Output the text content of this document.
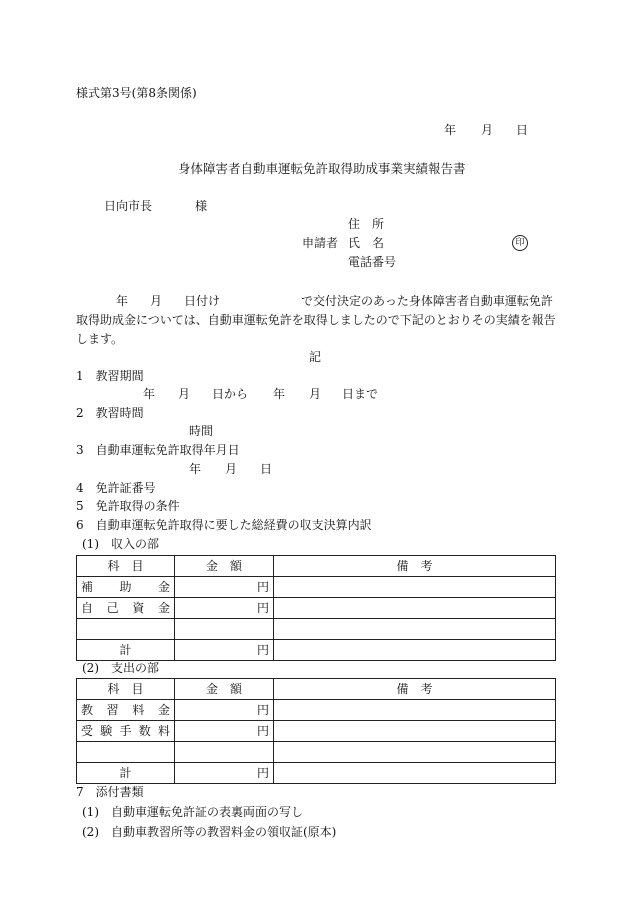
様式第3号(第8条関係)
年 月 日
身体障害者自動車運転免許取得助成事業実績報告書
日向市長	様
住　所
申請者 氏　名	印
電話番号
年 月 日付け	で交付決定のあった身体障害者自動車運転免許
取得助成金については、自動車運転免許を取得しましたので下記のとおりその実績を報告
します。
記
1　教習期間
年 月 日から 年 月 日まで
2　教習時間
時間
3　自動車運転免許取得年月日
年 月 日
4　免許証番号
5　免許取得の条件
6　自動車運転免許取得に要した総経費の収支決算内訳
(1)　収入の部
科　目	金　額	備　考
補助金	円	
自己資金	円	

計	円	
(2)　支出の部
科　目	金　額	備　考
教習料金	円	
受験手数料	円	

計	円	
7　添付書類
(1)　自動車運転免許証の表裏両面の写し
(2)　自動車教習所等の教習料金の領収証(原本)
